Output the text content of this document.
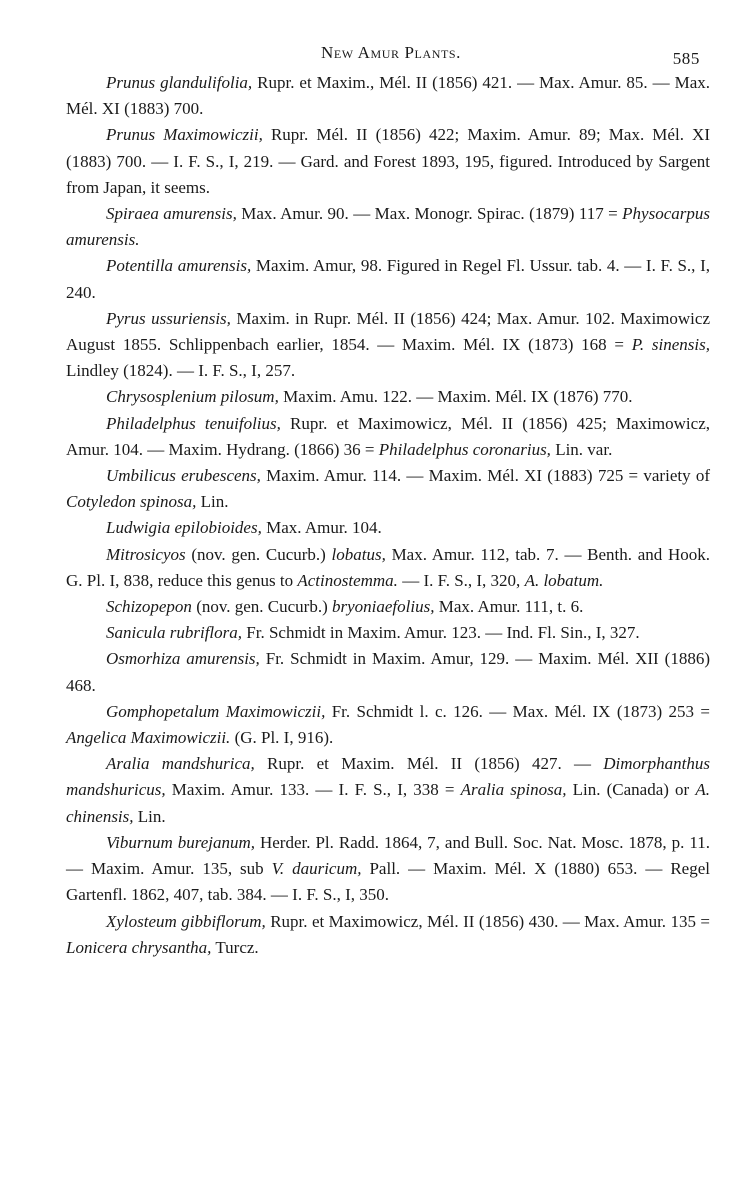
New Amur Plants.	585

Prunus glandulifolia, Rupr. et Maxim., Mél. II (1856) 421. — Max. Amur. 85. — Max. Mél. XI (1883) 700.

Prunus Maximowiczii, Rupr. Mél. II (1856) 422; Maxim. Amur. 89; Max. Mél. XI (1883) 700. — I. F. S., I, 219. — Gard. and Forest 1893, 195, figured. Introduced by Sargent from Japan, it seems.

Spiraea amurensis, Max. Amur. 90. — Max. Monogr. Spirac. (1879) 117 = Physocarpus amurensis.

Potentilla amurensis, Maxim. Amur, 98. Figured in Regel Fl. Ussur. tab. 4. — I. F. S., I, 240.

Pyrus ussuriensis, Maxim. in Rupr. Mél. II (1856) 424; Max. Amur. 102. Maximowicz August 1855. Schlippenbach earlier, 1854. — Maxim. Mél. IX (1873) 168 = P. sinensis, Lindley (1824). — I. F. S., I, 257.

Chrysosplenium pilosum, Maxim. Amu. 122. — Maxim. Mél. IX (1876) 770.

Philadelphus tenuifolius, Rupr. et Maximowicz, Mél. II (1856) 425; Maximowicz, Amur. 104. — Maxim. Hydrang. (1866) 36 = Philadelphus coronarius, Lin. var.

Umbilicus erubescens, Maxim. Amur. 114. — Maxim. Mél. XI (1883) 725 = variety of Cotyledon spinosa, Lin.

Ludwigia epilobioides, Max. Amur. 104.

Mitrosicyos (nov. gen. Cucurb.) lobatus, Max. Amur. 112, tab. 7. — Benth. and Hook. G. Pl. I, 838, reduce this genus to Actinostemma. — I. F. S., I, 320, A. lobatum.

Schizopepon (nov. gen. Cucurb.) bryoniaefolius, Max. Amur. 111, t. 6.

Sanicula rubriflora, Fr. Schmidt in Maxim. Amur. 123. — Ind. Fl. Sin., I, 327.

Osmorhiza amurensis, Fr. Schmidt in Maxim. Amur, 129. — Maxim. Mél. XII (1886) 468.

Gomphopetalum Maximowiczii, Fr. Schmidt l. c. 126. — Max. Mél. IX (1873) 253 = Angelica Maximowiczii. (G. Pl. I, 916).

Aralia mandshurica, Rupr. et Maxim. Mél. II (1856) 427. — Dimorphanthus mandshuricus, Maxim. Amur. 133. — I. F. S., I, 338 = Aralia spinosa, Lin. (Canada) or A. chinensis, Lin.

Viburnum burejanum, Herder. Pl. Radd. 1864, 7, and Bull. Soc. Nat. Mosc. 1878, p. 11. — Maxim. Amur. 135, sub V. dauricum, Pall. — Maxim. Mél. X (1880) 653. — Regel Gartenfl. 1862, 407, tab. 384. — I. F. S., I, 350.

Xylosteum gibbiflorum, Rupr. et Maximowicz, Mél. II (1856) 430. — Max. Amur. 135 = Lonicera chrysantha, Turcz.
